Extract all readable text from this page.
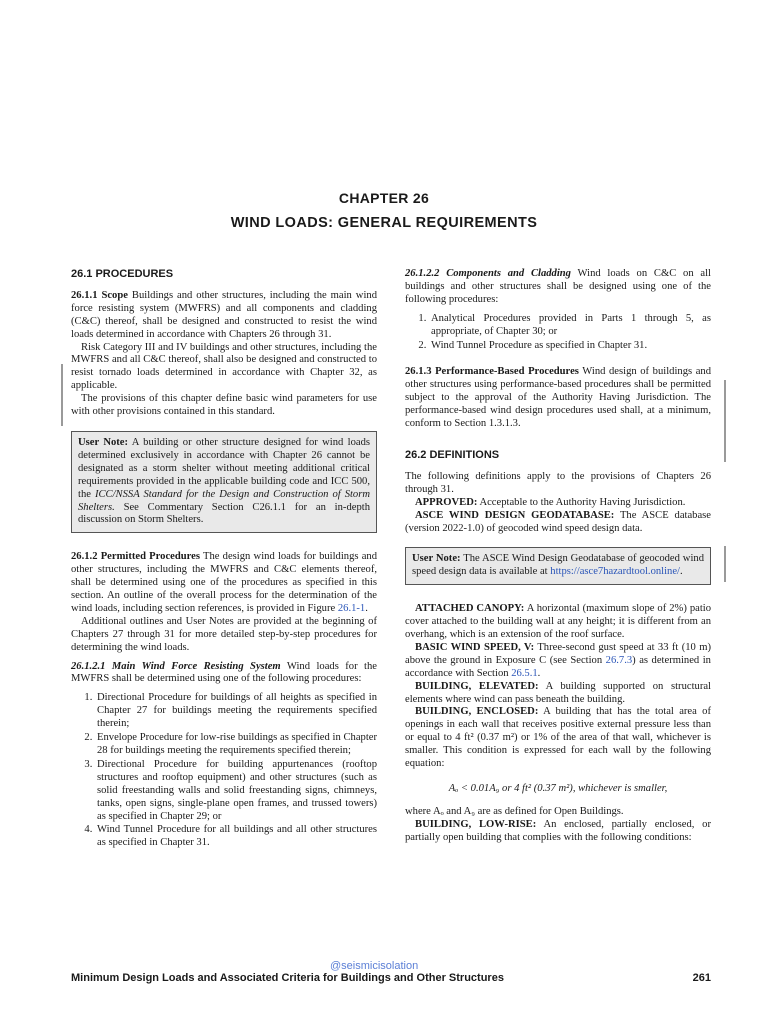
CHAPTER 26
WIND LOADS: GENERAL REQUIREMENTS
26.1 PROCEDURES

26.1.1 Scope Buildings and other structures, including the main wind force resisting system (MWFRS) and all components and cladding (C&C) thereof, shall be designed and constructed to resist the wind loads determined in accordance with Chapters 26 through 31.

Risk Category III and IV buildings and other structures, including the MWFRS and all C&C thereof, shall also be designed and constructed to resist tornado loads determined in accordance with Chapter 32, as applicable.

The provisions of this chapter define basic wind parameters for use with other provisions contained in this standard.

User Note: A building or other structure designed for wind loads determined exclusively in accordance with Chapter 26 cannot be designated as a storm shelter without meeting additional critical requirements provided in the applicable building code and ICC 500, the ICC/NSSA Standard for the Design and Construction of Storm Shelters. See Commentary Section C26.1.1 for an in-depth discussion on Storm Shelters.

26.1.2 Permitted Procedures The design wind loads for buildings and other structures, including the MWFRS and C&C elements thereof, shall be determined using one of the procedures as specified in this section. An outline of the overall process for the determination of the wind loads, including section references, is provided in Figure 26.1-1.

Additional outlines and User Notes are provided at the beginning of Chapters 27 through 31 for more detailed step-by-step procedures for determining the wind loads.

26.1.2.1 Main Wind Force Resisting System Wind loads for the MWFRS shall be determined using one of the following procedures:

1. Directional Procedure for buildings of all heights as specified in Chapter 27 for buildings meeting the requirements specified therein;
2. Envelope Procedure for low-rise buildings as specified in Chapter 28 for buildings meeting the requirements specified therein;
3. Directional Procedure for building appurtenances (rooftop structures and rooftop equipment) and other structures (such as solid freestanding walls and solid freestanding signs, chimneys, tanks, open signs, single-plane open frames, and trussed towers) as specified in Chapter 29; or
4. Wind Tunnel Procedure for all buildings and all other structures as specified in Chapter 31.

26.1.2.2 Components and Cladding Wind loads on C&C on all buildings and other structures shall be designed using one of the following procedures:

1. Analytical Procedures provided in Parts 1 through 5, as appropriate, of Chapter 30; or
2. Wind Tunnel Procedure as specified in Chapter 31.

26.1.3 Performance-Based Procedures Wind design of buildings and other structures using performance-based procedures shall be permitted subject to the approval of the Authority Having Jurisdiction. The performance-based wind design procedures used shall, at a minimum, conform to Section 1.3.1.3.

26.2 DEFINITIONS

The following definitions apply to the provisions of Chapters 26 through 31.

APPROVED: Acceptable to the Authority Having Jurisdiction.

ASCE WIND DESIGN GEODATABASE: The ASCE database (version 2022-1.0) of geocoded wind speed design data.

User Note: The ASCE Wind Design Geodatabase of geocoded wind speed design data is available at https://asce7hazardtool.online/.

ATTACHED CANOPY: A horizontal (maximum slope of 2%) patio cover attached to the building wall at any height; it is different from an overhang, which is an extension of the roof surface.

BASIC WIND SPEED, V: Three-second gust speed at 33 ft (10 m) above the ground in Exposure C (see Section 26.7.3) as determined in accordance with Section 26.5.1.

BUILDING, ELEVATED: A building supported on structural elements where wind can pass beneath the building.

BUILDING, ENCLOSED: A building that has the total area of openings in each wall that receives positive external pressure less than or equal to 4 ft² (0.37 m²) or 1% of the area of that wall, whichever is smaller. This condition is expressed for each wall by the following equation:

Aₒ < 0.01A₉ or 4 ft² (0.37 m²), whichever is smaller,

where Aₒ and A₉ are as defined for Open Buildings.

BUILDING, LOW-RISE: An enclosed, partially enclosed, or partially open building that complies with the following conditions:

@seismicisolation
Minimum Design Loads and Associated Criteria for Buildings and Other Structures	261
